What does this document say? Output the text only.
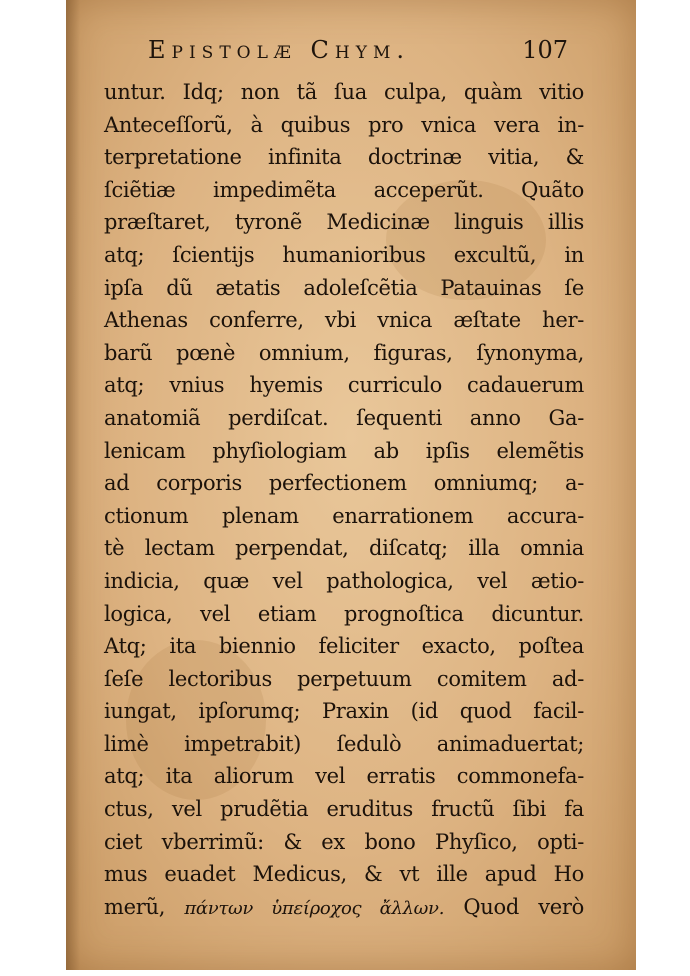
Epistolæ Chym.	107
untur. Idq; non tã ſua culpa, quàm vitio
Anteceſſorũ, à quibus pro vnica vera in-
terpretatione infinita doctrinæ vitia, &
ſciẽtiæ impedimẽta acceperũt. Quãto
præſtaret, tyronẽ Medicinæ linguis illis
atq; ſcientijs humanioribus excultũ, in
ipſa dũ ætatis adoleſcẽtia Patauinas ſe
Athenas conferre, vbi vnica æſtate her-
barũ pœnè omnium, figuras, ſynonyma,
atq; vnius hyemis curriculo cadauerum
anatomiã perdiſcat. ſequenti anno Ga-
lenicam phyſiologiam ab ipſis elemẽtis
ad corporis perfectionem omniumq; a-
ctionum plenam enarrationem accura-
tè lectam perpendat, diſcatq; illa omnia
indicia, quæ vel pathologica, vel ætio-
logica, vel etiam prognoſtica dicuntur.
Atq; ita biennio feliciter exacto, poſtea
ſeſe lectoribus perpetuum comitem ad-
iungat, ipſorumq; Praxin (id quod facil-
limè impetrabit) ſedulò animaduertat;
atq; ita aliorum vel erratis commonefa-
ctus, vel prudẽtia eruditus fructũ ſibi fa
ciet vberrimũ: & ex bono Phyſico, opti-
mus euadet Medicus, & vt ille apud Ho
merũ, πάντων ὑπείροχος ἄλλων. Quod verò
